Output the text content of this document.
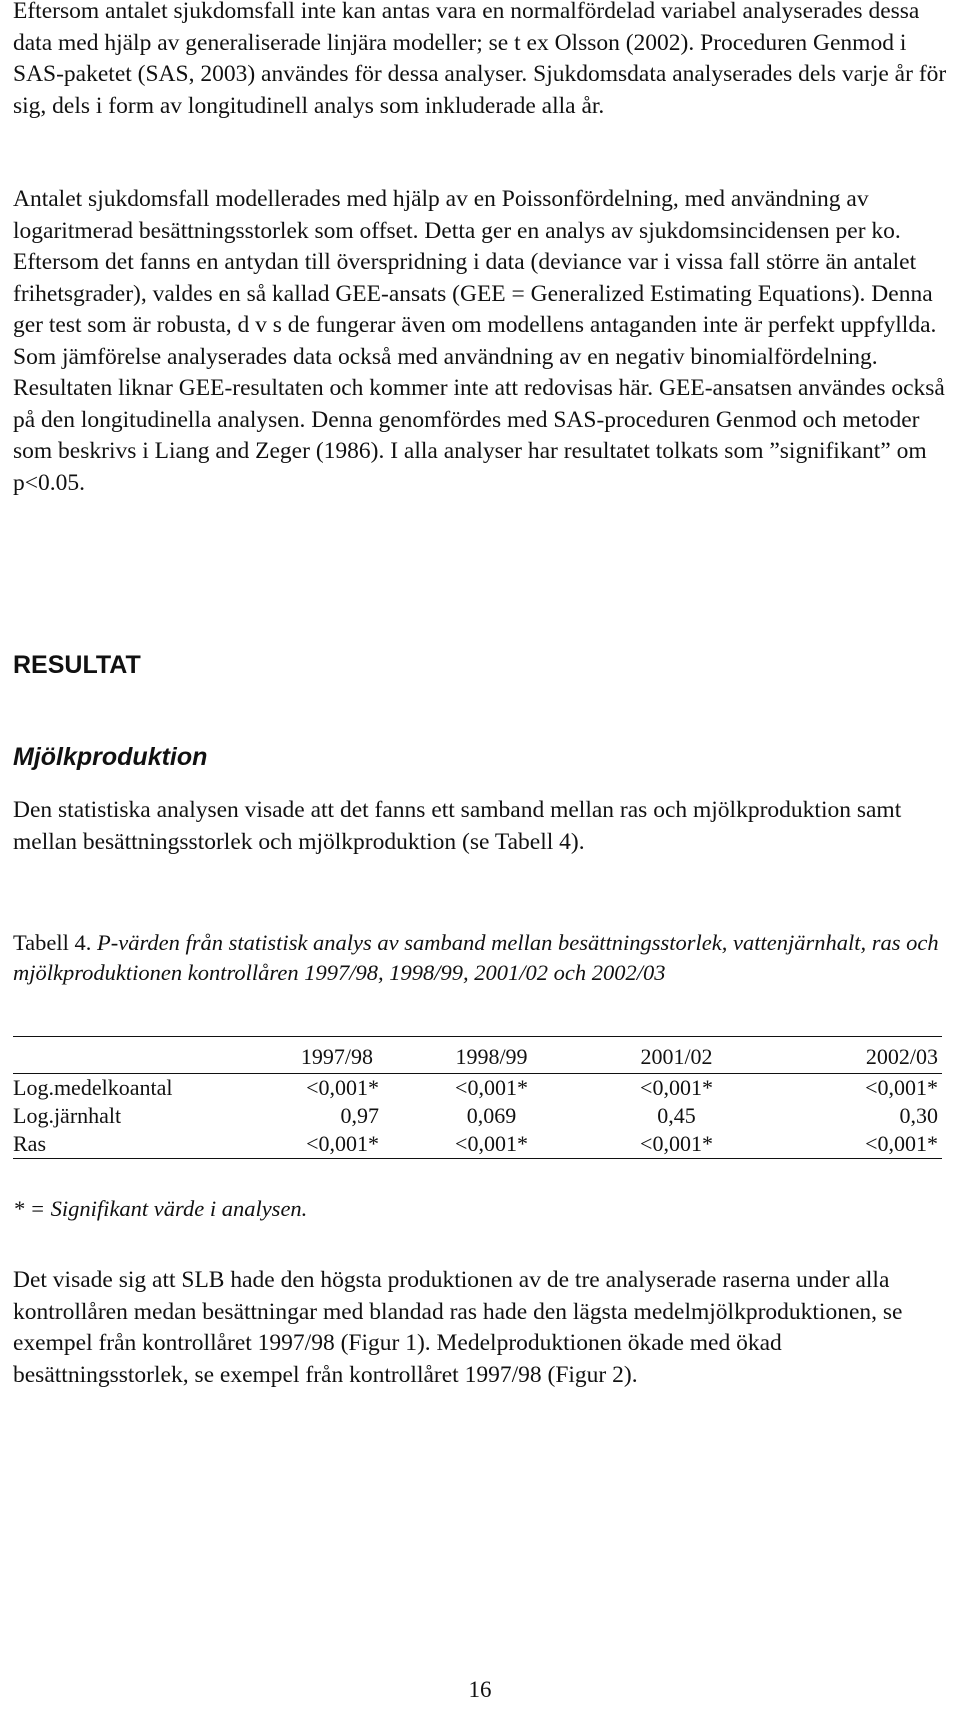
Eftersom antalet sjukdomsfall inte kan antas vara en normalfördelad variabel analyserades dessa data med hjälp av generaliserade linjära modeller; se t ex Olsson (2002). Proceduren Genmod i SAS-paketet (SAS, 2003) användes för dessa analyser. Sjukdomsdata analyserades dels varje år för sig, dels i form av longitudinell analys som inkluderade alla år.

Antalet sjukdomsfall modellerades med hjälp av en Poissonfördelning, med användning av logaritmerad besättningsstorlek som offset. Detta ger en analys av sjukdomsincidensen per ko. Eftersom det fanns en antydan till överspridning i data (deviance var i vissa fall större än antalet frihetsgrader), valdes en så kallad GEE-ansats (GEE = Generalized Estimating Equations). Denna ger test som är robusta, d v s de fungerar även om modellens antaganden inte är perfekt uppfyllda. Som jämförelse analyserades data också med användning av en negativ binomialfördelning. Resultaten liknar GEE-resultaten och kommer inte att redovisas här. GEE-ansatsen användes också på den longitudinella analysen. Denna genomfördes med SAS-proceduren Genmod och metoder som beskrivs i Liang and Zeger (1986). I alla analyser har resultatet tolkats som ”signifikant” om p<0.05.

RESULTAT
Mjölkproduktion

Den statistiska analysen visade att det fanns ett samband mellan ras och mjölkproduktion samt mellan besättningsstorlek och mjölkproduktion (se Tabell 4).

Tabell 4. P-värden från statistisk analys av samband mellan besättningsstorlek, vattenjärnhalt, ras och mjölkproduktionen kontrollåren 1997/98, 1998/99, 2001/02 och 2002/03

	1997/98	1998/99	2001/02	2002/03
Log.medelkoantal	<0,001*	<0,001*	<0,001*	<0,001*
Log.järnhalt	0,97	0,069	0,45	0,30
Ras	<0,001*	<0,001*	<0,001*	<0,001*

* = Signifikant värde i analysen.

Det visade sig att SLB hade den högsta produktionen av de tre analyserade raserna under alla kontrollåren medan besättningar med blandad ras hade den lägsta medelmjölkproduktionen, se exempel från kontrollåret 1997/98 (Figur 1). Medelproduktionen ökade med ökad besättningsstorlek, se exempel från kontrollåret 1997/98 (Figur 2).

16
